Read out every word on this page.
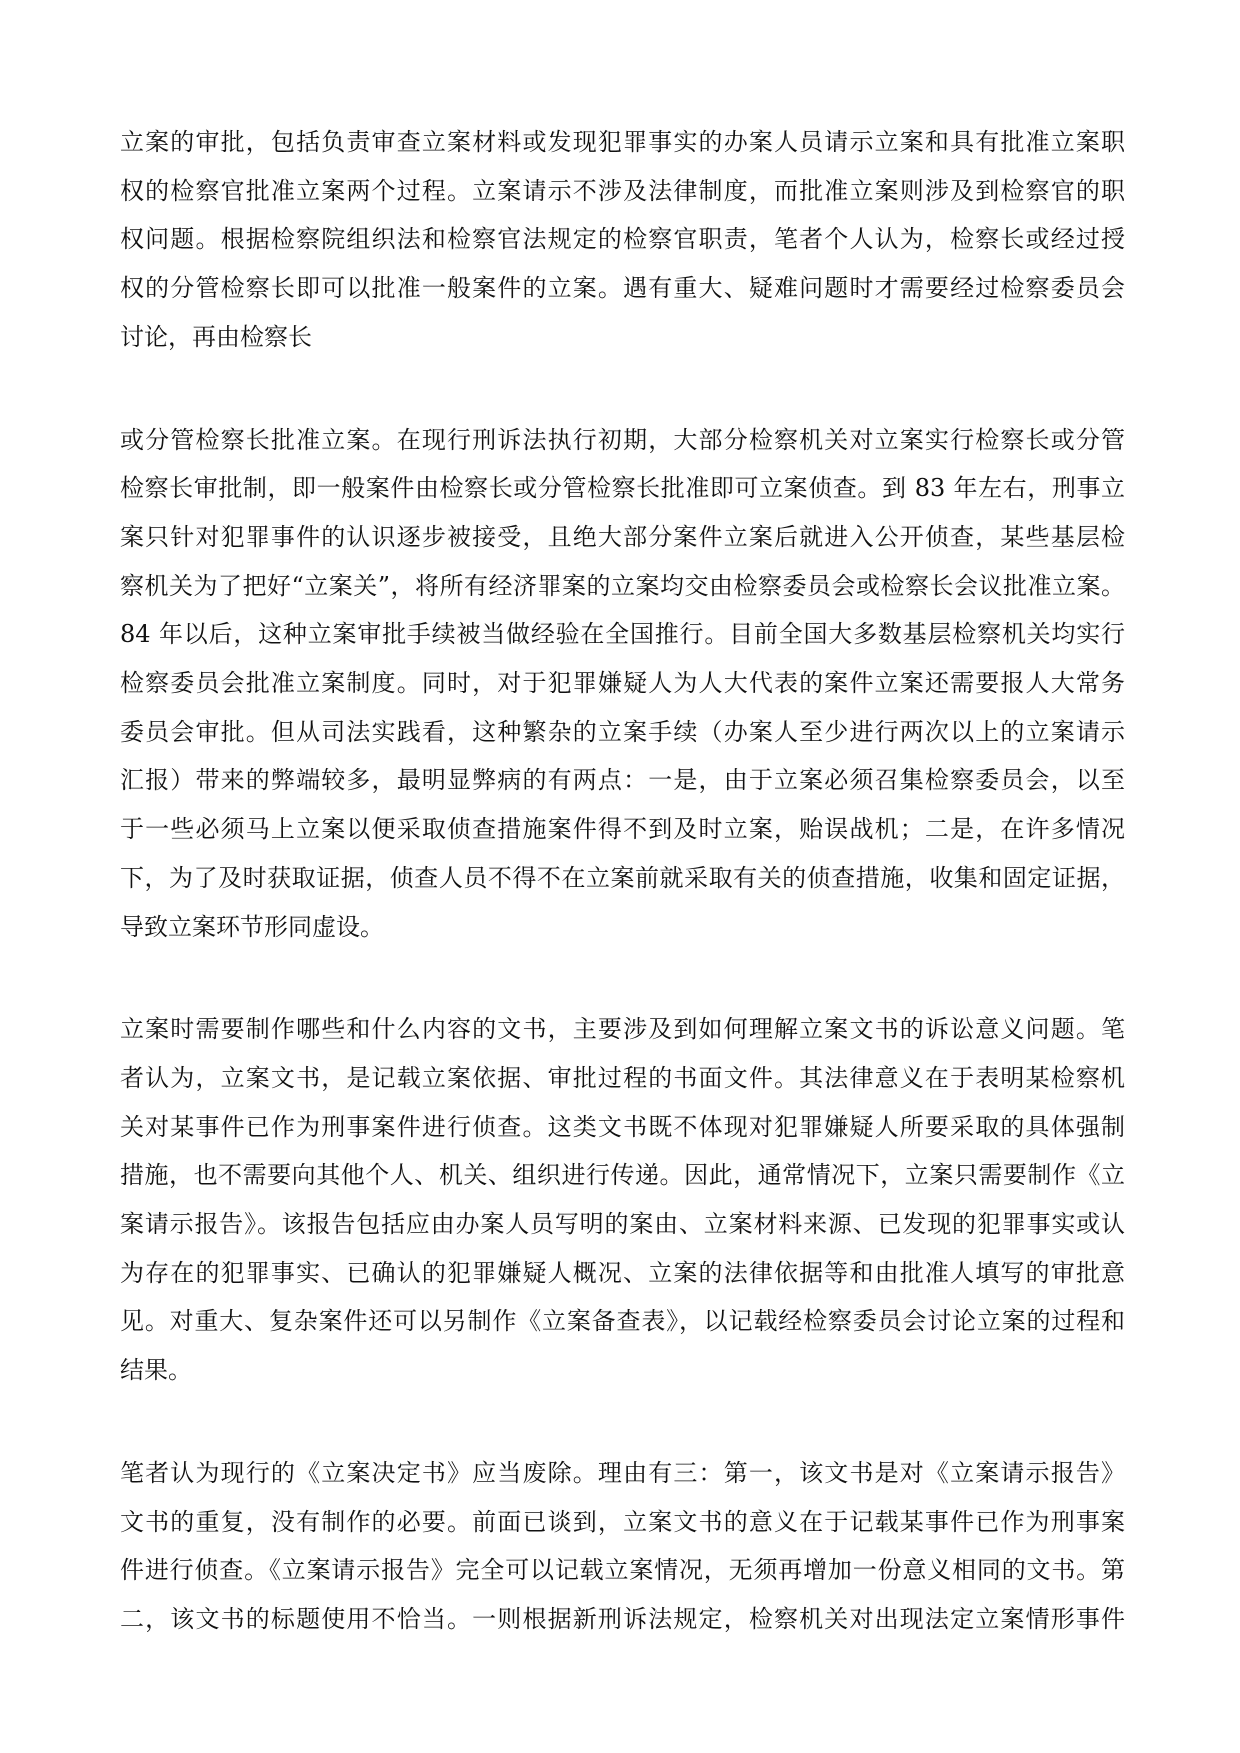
立案的审批，包括负责审查立案材料或发现犯罪事实的办案人员请示立案和具有批准立案职
权的检察官批准立案两个过程。立案请示不涉及法律制度，而批准立案则涉及到检察官的职
权问题。根据检察院组织法和检察官法规定的检察官职责，笔者个人认为，检察长或经过授
权的分管检察长即可以批准一般案件的立案。遇有重大、疑难问题时才需要经过检察委员会
讨论，再由检察长
或分管检察长批准立案。在现行刑诉法执行初期，大部分检察机关对立案实行检察长或分管
检察长审批制，即一般案件由检察长或分管检察长批准即可立案侦查。到 83 年左右，刑事立
案只针对犯罪事件的认识逐步被接受，且绝大部分案件立案后就进入公开侦查，某些基层检
察机关为了把好“立案关”，将所有经济罪案的立案均交由检察委员会或检察长会议批准立案。
84 年以后，这种立案审批手续被当做经验在全国推行。目前全国大多数基层检察机关均实行
检察委员会批准立案制度。同时，对于犯罪嫌疑人为人大代表的案件立案还需要报人大常务
委员会审批。但从司法实践看，这种繁杂的立案手续（办案人至少进行两次以上的立案请示
汇报）带来的弊端较多，最明显弊病的有两点：一是，由于立案必须召集检察委员会，以至
于一些必须马上立案以便采取侦查措施案件得不到及时立案，贻误战机；二是，在许多情况
下，为了及时获取证据，侦查人员不得不在立案前就采取有关的侦查措施，收集和固定证据，
导致立案环节形同虚设。
立案时需要制作哪些和什么内容的文书，主要涉及到如何理解立案文书的诉讼意义问题。笔
者认为，立案文书，是记载立案依据、审批过程的书面文件。其法律意义在于表明某检察机
关对某事件已作为刑事案件进行侦查。这类文书既不体现对犯罪嫌疑人所要采取的具体强制
措施，也不需要向其他个人、机关、组织进行传递。因此，通常情况下，立案只需要制作《立
案请示报告》。该报告包括应由办案人员写明的案由、立案材料来源、已发现的犯罪事实或认
为存在的犯罪事实、已确认的犯罪嫌疑人概况、立案的法律依据等和由批准人填写的审批意
见。对重大、复杂案件还可以另制作《立案备查表》，以记载经检察委员会讨论立案的过程和
结果。
笔者认为现行的《立案决定书》应当废除。理由有三：第一，该文书是对《立案请示报告》
文书的重复，没有制作的必要。前面已谈到，立案文书的意义在于记载某事件已作为刑事案
件进行侦查。《立案请示报告》完全可以记载立案情况，无须再增加一份意义相同的文书。第
二，该文书的标题使用不恰当。一则根据新刑诉法规定，检察机关对出现法定立案情形事件
